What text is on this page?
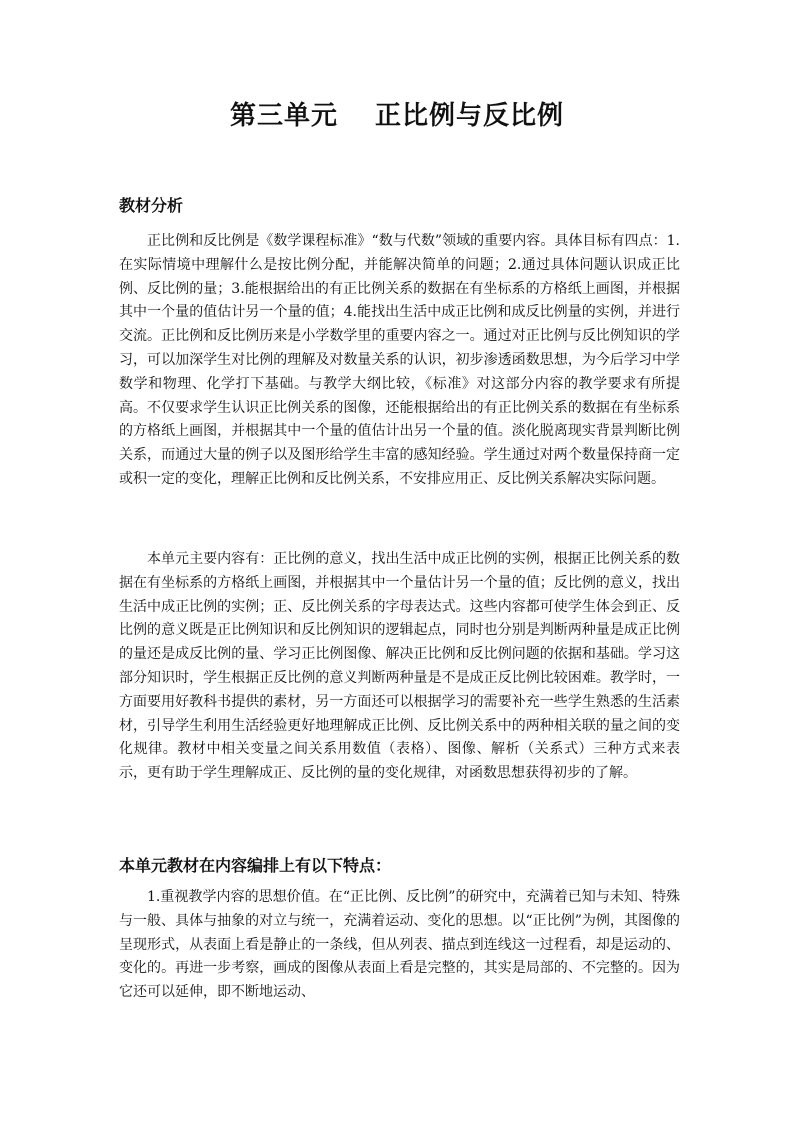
第三单元　 正比例与反比例
教材分析

正比例和反比例是《数学课程标准》“数与代数”领域的重要内容。具体目标有四点：1.在实际情境中理解什么是按比例分配，并能解决简单的问题；2.通过具体问题认识成正比例、反比例的量；3.能根据给出的有正比例关系的数据在有坐标系的方格纸上画图，并根据其中一个量的值估计另一个量的值；4.能找出生活中成正比例和成反比例量的实例，并进行交流。正比例和反比例历来是小学数学里的重要内容之一。通过对正比例与反比例知识的学习，可以加深学生对比例的理解及对数量关系的认识，初步渗透函数思想，为今后学习中学数学和物理、化学打下基础。与教学大纲比较，《标准》对这部分内容的教学要求有所提高。不仅要求学生认识正比例关系的图像，还能根据给出的有正比例关系的数据在有坐标系的方格纸上画图，并根据其中一个量的值估计出另一个量的值。淡化脱离现实背景判断比例关系，而通过大量的例子以及图形给学生丰富的感知经验。学生通过对两个数量保持商一定或积一定的变化，理解正比例和反比例关系，不安排应用正、反比例关系解决实际问题。

本单元主要内容有：正比例的意义，找出生活中成正比例的实例，根据正比例关系的数据在有坐标系的方格纸上画图，并根据其中一个量估计另一个量的值；反比例的意义，找出生活中成正比例的实例；正、反比例关系的字母表达式。这些内容都可使学生体会到正、反比例的意义既是正比例知识和反比例知识的逻辑起点，同时也分别是判断两种量是成正比例的量还是成反比例的量、学习正比例图像、解决正比例和反比例问题的依据和基础。学习这部分知识时，学生根据正反比例的意义判断两种量是不是成正反比例比较困难。教学时，一方面要用好教科书提供的素材，另一方面还可以根据学习的需要补充一些学生熟悉的生活素材，引导学生利用生活经验更好地理解成正比例、反比例关系中的两种相关联的量之间的变化规律。教材中相关变量之间关系用数值（表格）、图像、解析（关系式）三种方式来表示，更有助于学生理解成正、反比例的量的变化规律，对函数思想获得初步的了解。

本单元教材在内容编排上有以下特点：

1.重视教学内容的思想价值。在“正比例、反比例”的研究中，充满着已知与未知、特殊与一般、具体与抽象的对立与统一，充满着运动、变化的思想。以“正比例”为例，其图像的呈现形式，从表面上看是静止的一条线，但从列表、描点到连线这一过程看，却是运动的、变化的。再进一步考察，画成的图像从表面上看是完整的，其实是局部的、不完整的。因为它还可以延伸，即不断地运动、
